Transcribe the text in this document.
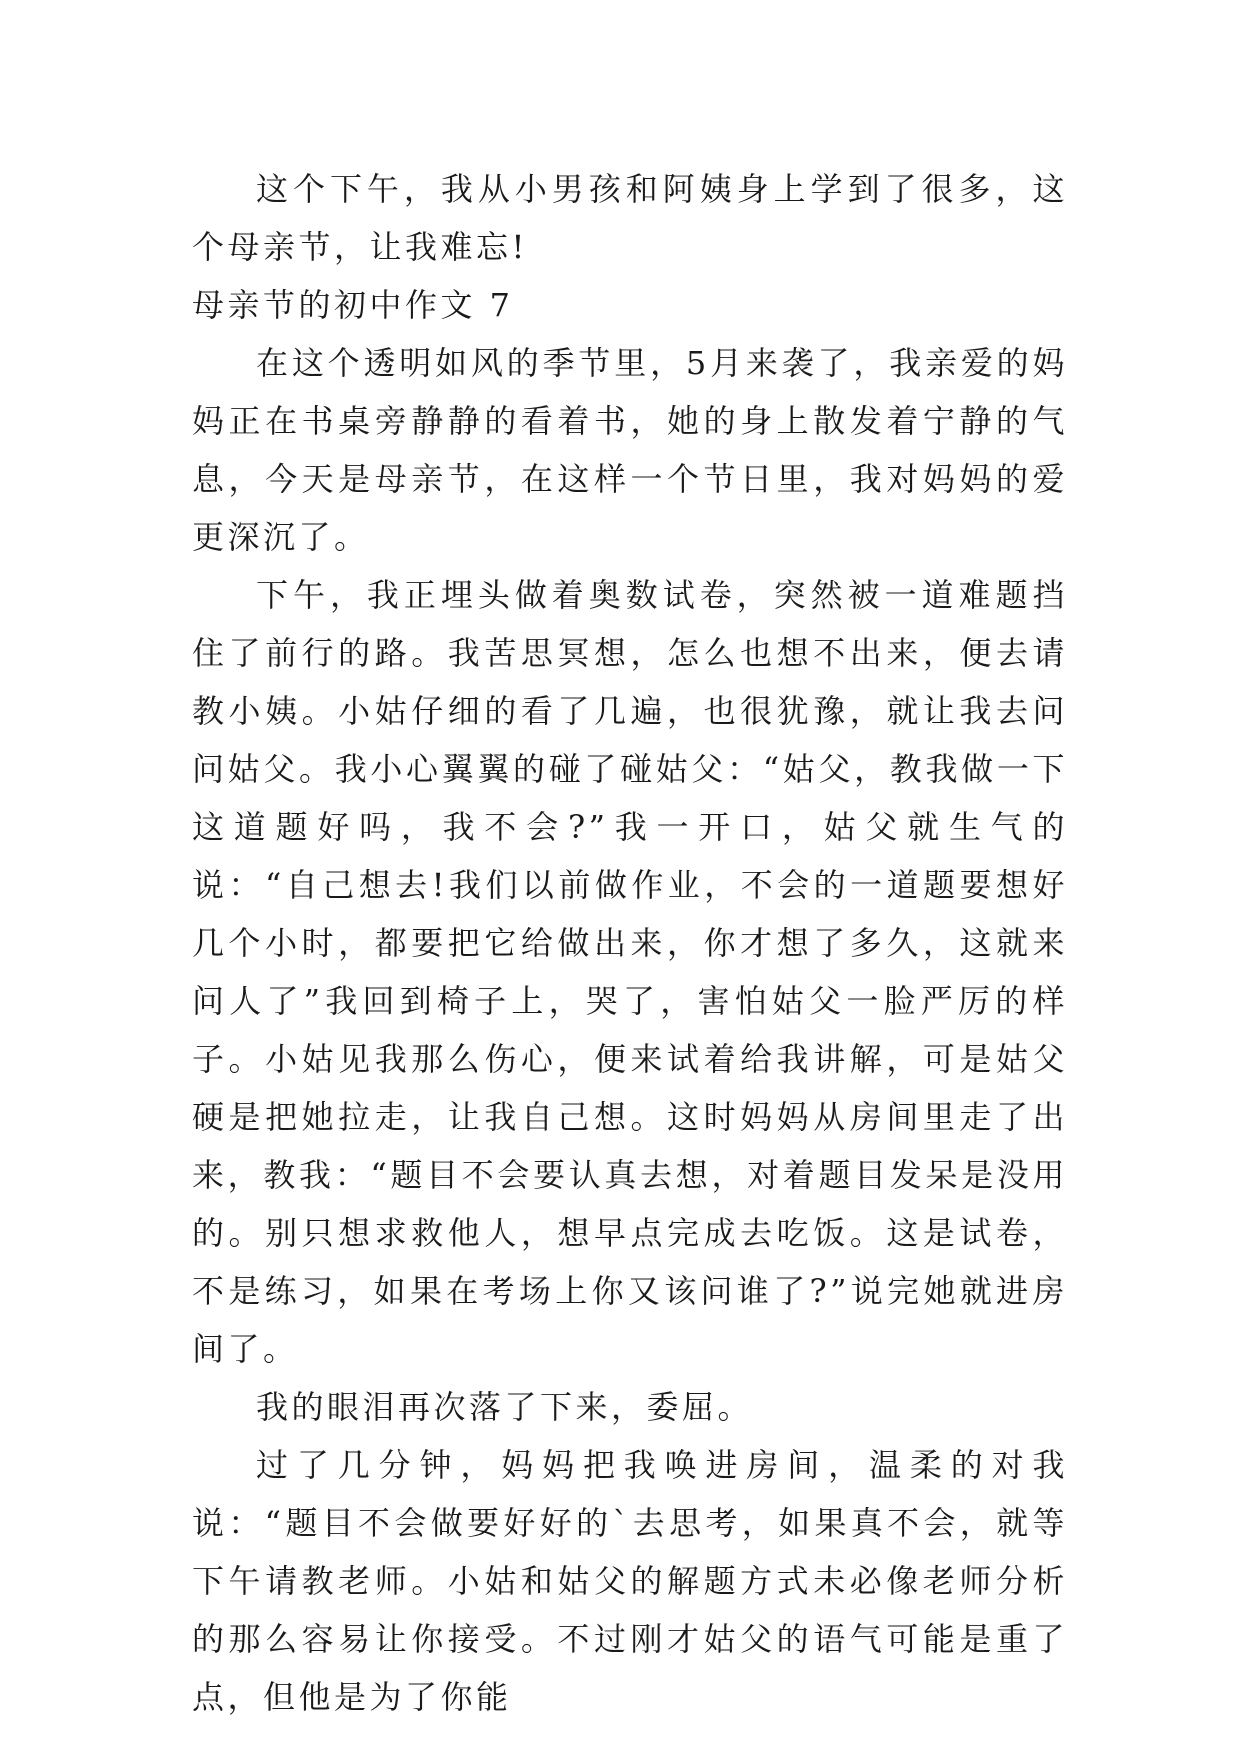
这个下午，我从小男孩和阿姨身上学到了很多，这个母亲节，让我难忘!

母亲节的初中作文 7

在这个透明如风的季节里，5月来袭了，我亲爱的妈妈正在书桌旁静静的看着书，她的身上散发着宁静的气息，今天是母亲节，在这样一个节日里，我对妈妈的爱更深沉了。

下午，我正埋头做着奥数试卷，突然被一道难题挡住了前行的路。我苦思冥想，怎么也想不出来，便去请教小姨。小姑仔细的看了几遍，也很犹豫，就让我去问问姑父。我小心翼翼的碰了碰姑父：“姑父，教我做一下这道题好吗，我不会?”我一开口，姑父就生气的说：“自己想去!我们以前做作业，不会的一道题要想好几个小时，都要把它给做出来，你才想了多久，这就来问人了”我回到椅子上，哭了，害怕姑父一脸严厉的样子。小姑见我那么伤心，便来试着给我讲解，可是姑父硬是把她拉走，让我自己想。这时妈妈从房间里走了出来，教我：“题目不会要认真去想，对着题目发呆是没用的。别只想求救他人，想早点完成去吃饭。这是试卷，不是练习，如果在考场上你又该问谁了?”说完她就进房间了。

我的眼泪再次落了下来，委屈。

过了几分钟，妈妈把我唤进房间，温柔的对我说：“题目不会做要好好的`去思考，如果真不会，就等下午请教老师。小姑和姑父的解题方式未必像老师分析的那么容易让你接受。不过刚才姑父的语气可能是重了点，但他是为了你能
